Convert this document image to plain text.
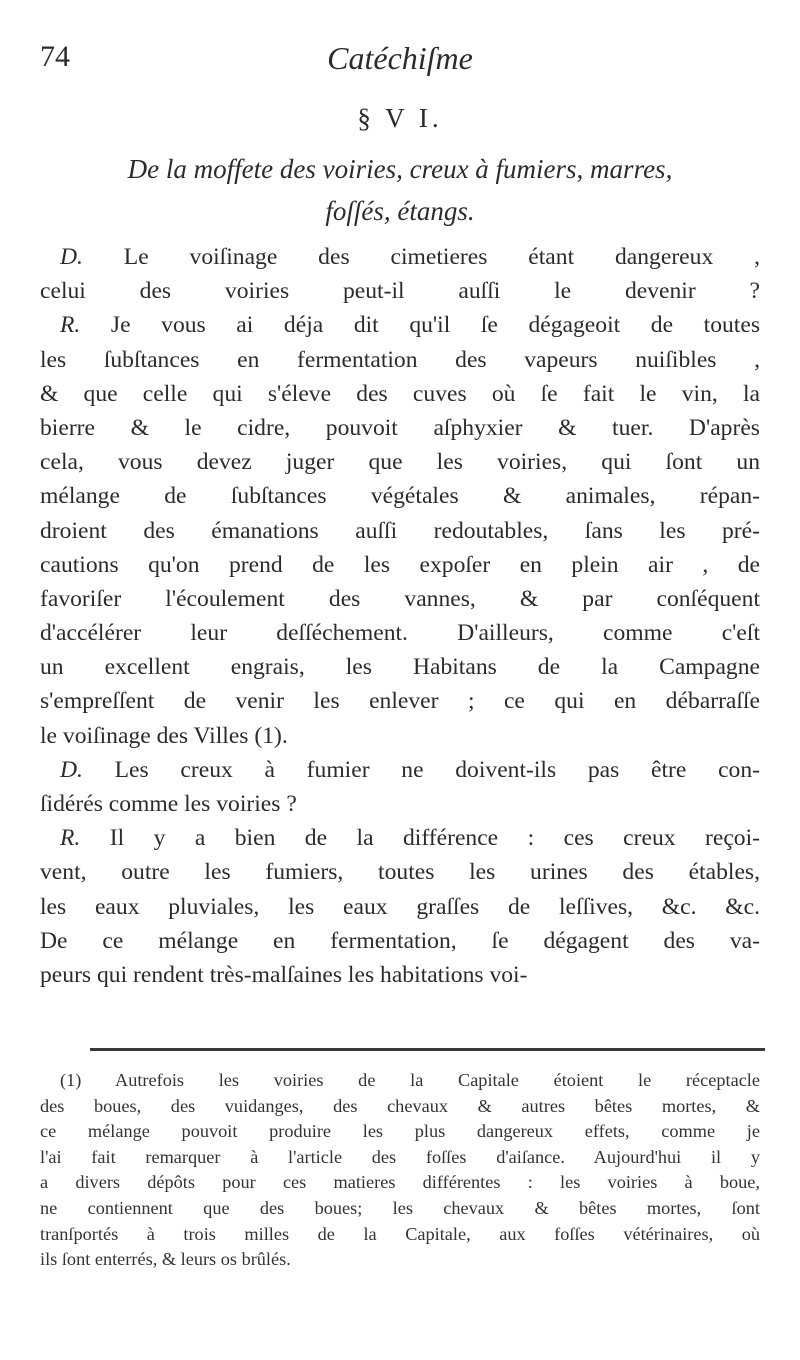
74	Catéchiſme
§ V I.
De la moffete des voiries, creux à fumiers, marres,
foſſés, étangs.
D. Le voiſinage des cimetieres étant dangereux ,
celui des voiries peut-il auſſi le devenir ?
R. Je vous ai déja dit qu'il ſe dégageoit de toutes
les ſubſtances en fermentation des vapeurs nuiſibles ,
& que celle qui s'éleve des cuves où ſe fait le vin, la
bierre & le cidre, pouvoit aſphyxier & tuer. D'après
cela, vous devez juger que les voiries, qui ſont un
mélange de ſubſtances végétales & animales, répan-
droient des émanations auſſi redoutables, ſans les pré-
cautions qu'on prend de les expoſer en plein air , de
favoriſer l'écoulement des vannes, & par conſéquent
d'accélérer leur deſſéchement. D'ailleurs, comme c'eſt
un excellent engrais, les Habitans de la Campagne
s'empreſſent de venir les enlever ; ce qui en débarraſſe
le voiſinage des Villes (1).
D. Les creux à fumier ne doivent-ils pas être con-
ſidérés comme les voiries ?
R. Il y a bien de la différence : ces creux reçoi-
vent, outre les fumiers, toutes les urines des étables,
les eaux pluviales, les eaux graſſes de leſſives, &c. &c.
De ce mélange en fermentation, ſe dégagent des va-
peurs qui rendent très-malſaines les habitations voi-
(1) Autrefois les voiries de la Capitale étoient le réceptacle
des boues, des vuidanges, des chevaux & autres bêtes mortes, &
ce mélange pouvoit produire les plus dangereux effets, comme je
l'ai fait remarquer à l'article des foſſes d'aiſance. Aujourd'hui il y
a divers dépôts pour ces matieres différentes : les voiries à boue,
ne contiennent que des boues; les chevaux & bêtes mortes, ſont
tranſportés à trois milles de la Capitale, aux foſſes vétérinaires, où
ils ſont enterrés, & leurs os brûlés.
